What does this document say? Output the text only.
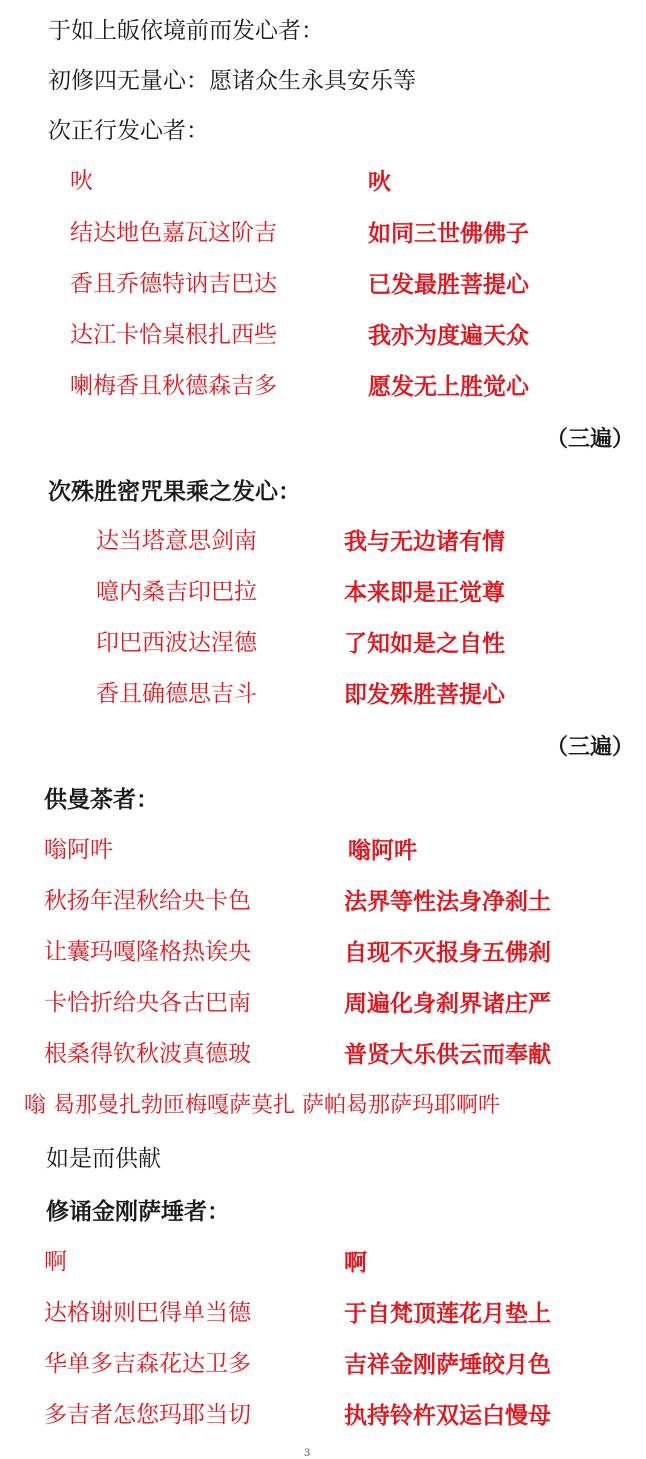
于如上皈依境前而发心者：
初修四无量心：愿诸众生永具安乐等
次正行发心者：
吙
结达地色嘉瓦这阶吉
香且乔德特讷吉巴达
达江卡恰桌根扎西些
喇梅香且秋德森吉多
吙
如同三世佛佛子
已发最胜菩提心
我亦为度遍天众
愿发无上胜觉心
（三遍）
次殊胜密咒果乘之发心：
达当塔意思剑南
噫内桑吉印巴拉
印巴西波达涅德
香且确德思吉斗
我与无边诸有情
本来即是正觉尊
了知如是之自性
即发殊胜菩提心
（三遍）
供曼茶者：
嗡阿吽
秋扬年涅秋给央卡色
让囊玛嘎隆格热诶央
卡恰折给央各古巴南
根桑得钦秋波真德玻
嗡阿吽
法界等性法身净刹土
自现不灭报身五佛刹
周遍化身刹界诸庄严
普贤大乐供云而奉献
嗡 曷那曼扎勃匝梅嘎萨莫扎 萨帕曷那萨玛耶啊吽
如是而供献
修诵金刚萨埵者：
啊
达格谢则巴得单当德
华单多吉森花达卫多
多吉者怎您玛耶当切
啊
于自梵顶莲花月垫上
吉祥金刚萨埵皎月色
执持铃杵双运白慢母
3
